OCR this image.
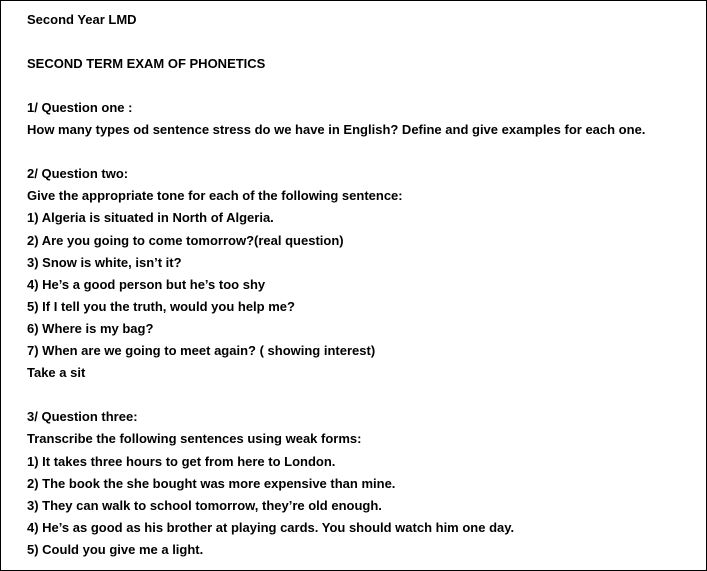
Second Year LMD
SECOND TERM EXAM OF PHONETICS
1/ Question one :
How many types od sentence stress do we have in English? Define and give examples for each one.
2/ Question two:
Give the appropriate tone for each of the following sentence:
1) Algeria is situated in North of Algeria.
2) Are you going to come tomorrow?(real question)
3) Snow is white, isn’t it?
4) He’s a good person but he’s too shy
5) If I tell you the truth, would you help me?
6) Where is my bag?
7) When are we going to meet again? ( showing interest)
Take a sit
3/ Question three:
Transcribe the following sentences using weak forms:
1) It takes three hours to get from here to London.
2) The book the she bought was more expensive than mine.
3) They can walk to school tomorrow, they’re old enough.
4) He’s as good as his brother at playing cards. You should watch him one day.
5) Could you give me a light.
